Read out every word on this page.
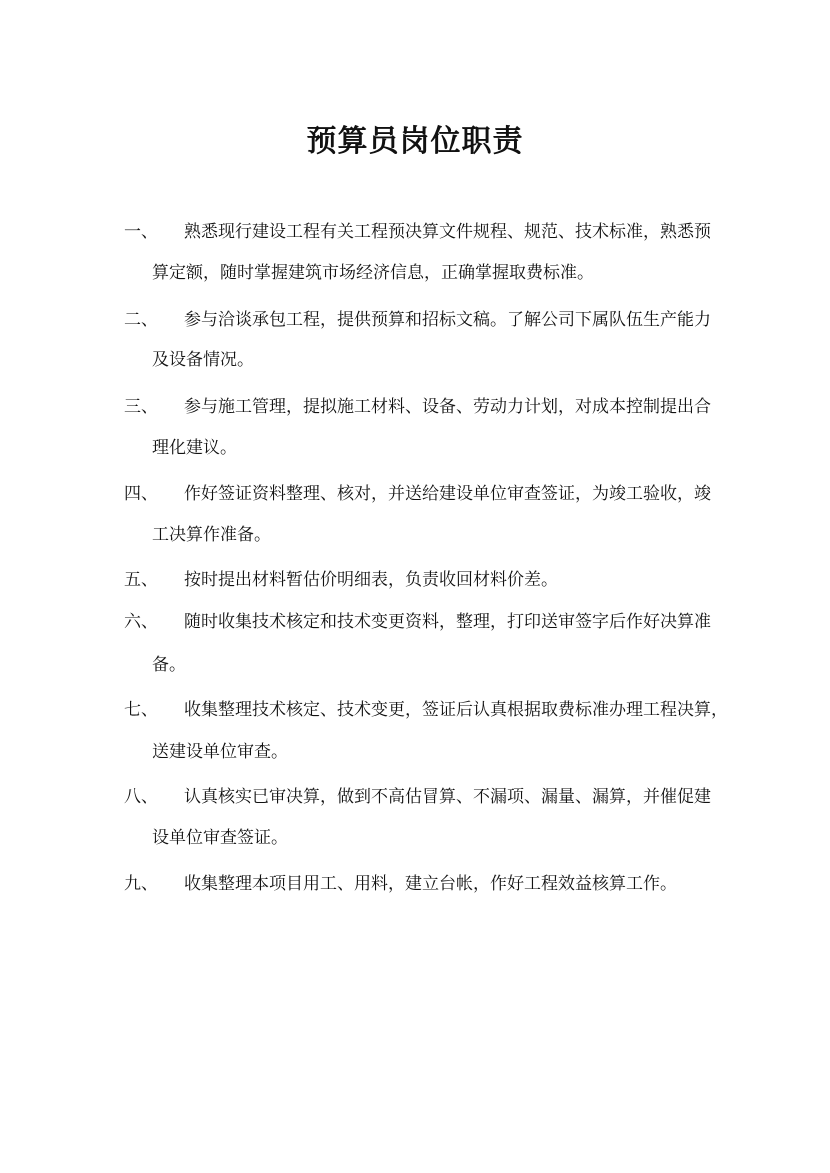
预算员岗位职责
一、 熟悉现行建设工程有关工程预决算文件规程、规范、技术标准，熟悉预
算定额，随时掌握建筑市场经济信息，正确掌握取费标准。
二、 参与洽谈承包工程，提供预算和招标文稿。了解公司下属队伍生产能力
及设备情况。
三、 参与施工管理，提拟施工材料、设备、劳动力计划，对成本控制提出合
理化建议。
四、 作好签证资料整理、核对，并送给建设单位审查签证，为竣工验收，竣
工决算作准备。
五、 按时提出材料暂估价明细表，负责收回材料价差。
六、 随时收集技术核定和技术变更资料，整理，打印送审签字后作好决算准
备。
七、 收集整理技术核定、技术变更，签证后认真根据取费标准办理工程决算，
送建设单位审查。
八、 认真核实已审决算，做到不高估冒算、不漏项、漏量、漏算，并催促建
设单位审查签证。
九、 收集整理本项目用工、用料，建立台帐，作好工程效益核算工作。
